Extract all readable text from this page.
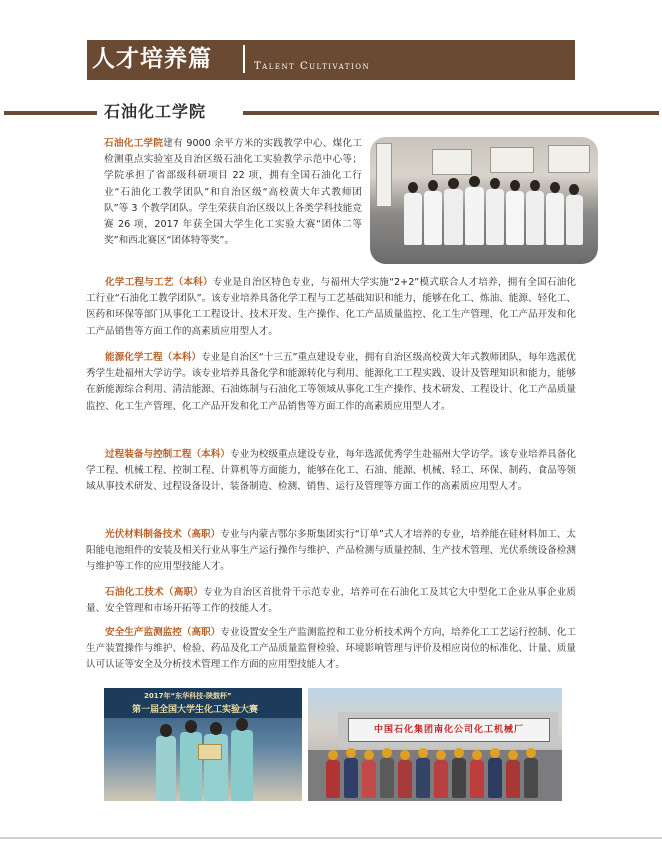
人才培养篇	Talent Cultivation
石油化工学院

石油化工学院建有 9000 余平方米的实践教学中心、煤化工检测重点实验室及自治区级石油化工实验教学示范中心等；学院承担了省部级科研项目 22 项，拥有全国石油化工行业“石油化工教学团队”和自治区级“高校黄大年式教师团队”等 3 个教学团队。学生荣获自治区级以上各类学科技能竞赛 26 项，2017 年获全国大学生化工实验大赛“团体二等奖”和西北赛区“团体特等奖”。

化学工程与工艺（本科）专业是自治区特色专业，与福州大学实施“2+2”模式联合人才培养，拥有全国石油化工行业“石油化工教学团队”。该专业培养具备化学工程与工艺基础知识和能力，能够在化工、炼油、能源、轻化工、医药和环保等部门从事化工工程设计、技术开发、生产操作、化工产品质量监控、化工生产管理、化工产品开发和化工产品销售等方面工作的高素质应用型人才。

能源化学工程（本科）专业是自治区“十三五”重点建设专业，拥有自治区级高校黄大年式教师团队，每年选派优秀学生赴福州大学访学。该专业培养具备化学和能源转化与利用、能源化工工程实践、设计及管理知识和能力，能够在新能源综合利用、清洁能源、石油炼制与石油化工等领域从事化工生产操作、技术研发、工程设计、化工产品质量监控、化工生产管理、化工产品开发和化工产品销售等方面工作的高素质应用型人才。

过程装备与控制工程（本科）专业为校级重点建设专业，每年选派优秀学生赴福州大学访学。该专业培养具备化学工程、机械工程、控制工程、计算机等方面能力，能够在化工、石油、能源、机械、轻工、环保、制药、食品等领域从事技术研发、过程设备设计、装备制造、检测、销售、运行及管理等方面工作的高素质应用型人才。

光伏材料制备技术（高职）专业与内蒙古鄂尔多斯集团实行“订单”式人才培养的专业，培养能在硅材料加工、太阳能电池组件的安装及相关行业从事生产运行操作与维护、产品检测与质量控制、生产技术管理、光伏系统设备检测与维护等工作的应用型技能人才。

石油化工技术（高职）专业为自治区首批骨干示范专业，培养可在石油化工及其它大中型化工企业从事企业质量、安全管理和市场开拓等工作的技能人才。

安全生产监测监控（高职）专业设置安全生产监测监控和工业分析技术两个方向，培养化工工艺运行控制、化工生产装置操作与维护、检验、药品及化工产品质量监督检验、环境影响管理与评价及相应岗位的标准化、计量、质量认可认证等安全及分析技术管理工作方面的应用型技能人才。

2017年“东华科技-陕鼓杯”
第一届全国大学生化工实验大赛
中国石化集团南化公司化工机械厂
